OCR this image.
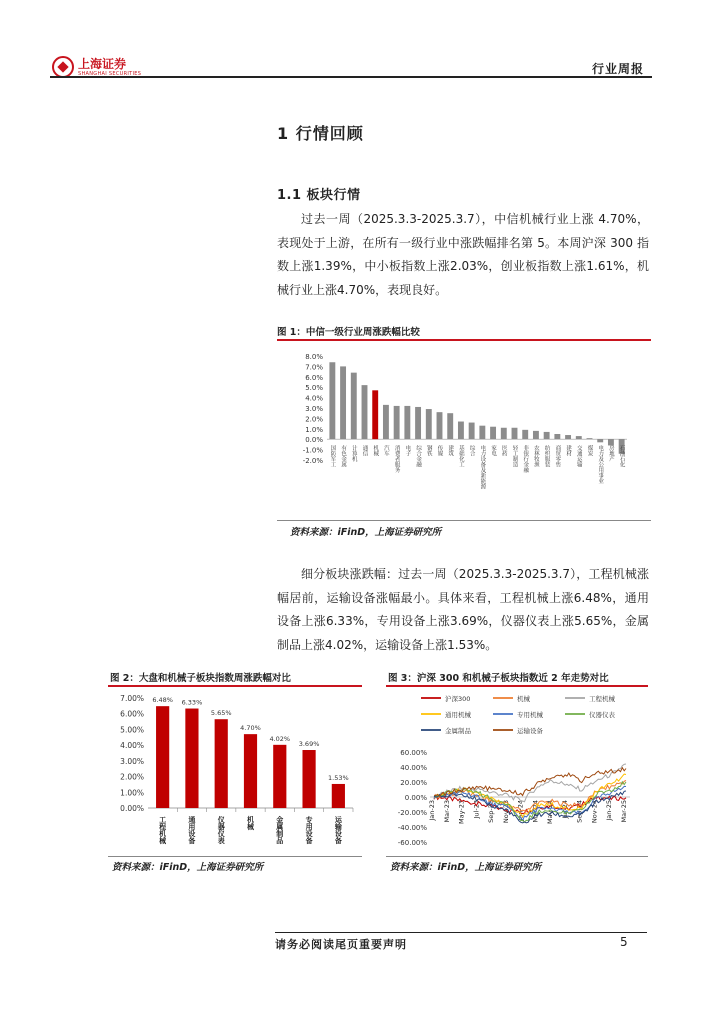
上海证券
SHANGHAI SECURITIES	行业周报
1 行情回顾
1.1 板块行情

过去一周（2025.3.3-2025.3.7），中信机械行业上涨 4.70%，表现处于上游，在所有一级行业中涨跌幅排名第 5。本周沪深 300 指数上涨1.39%，中小板指数上涨2.03%，创业板指数上涨1.61%，机械行业上涨4.70%，表现良好。

图 1：中信一级行业周涨跌幅比较
8.0%
7.0%
6.0%
5.0%
4.0%
3.0%
2.0%
1.0%
0.0%
-1.0%
-2.0% 国防军工 有色金属 计算机 通信 机械 汽车 消费者服务 电子 综合金融 钢铁 传媒 建筑 基础化工 综合 电力设备及新能源 家电 医药 轻工制造 非银行金融 农林牧渔 纺织服装 商贸零售 建材 交通运输 煤炭 电力及公用事业 房地产 石油石化
资料来源：iFinD，上海证券研究所

细分板块涨跌幅：过去一周（2025.3.3-2025.3.7），工程机械涨幅居前，运输设备涨幅最小。具体来看，工程机械上涨6.48%，通用设备上涨6.33%，专用设备上涨3.69%，仪器仪表上涨5.65%，金属制品上涨4.02%，运输设备上涨1.53%。

图 2：大盘和机械子板块指数周涨跌幅对比
7.00%
6.00%
5.00%
4.00%
3.00%
2.00%
1.00%
0.00%
6.48%
工程机械
6.33%
通用设备
5.65%
仪器仪表
4.70%
机械
4.02%
金属制品
3.69%
专用设备
1.53%
运输设备
资料来源：iFinD，上海证券研究所
图 3：沪深 300 和机械子板块指数近 2 年走势对比
沪深300	机械	工程机械
通用机械	专用机械	仪器仪表
金属制品	运输设备
60.00%
40.00%
20.00%
0.00%
-20.00%
-40.00%
-60.00%
Jan-23 Mar-23 May-23 Jul-23 Sep-23 Nov-23 Jan-24 Mar-24 May-24 Jul-24 Sep-24 Nov-24 Jan-25 Mar-25
资料来源：iFinD，上海证券研究所
请务必阅读尾页重要声明	5
